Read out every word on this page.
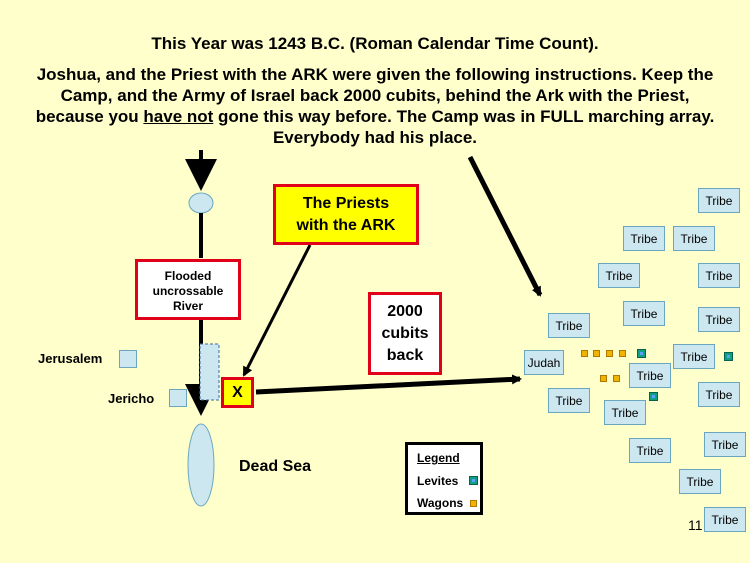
This Year was 1243 B.C. (Roman Calendar Time Count).
Joshua, and the Priest with the ARK were given the following instructions. Keep the Camp, and the Army of Israel back 2000 cubits, behind the Ark with the Priest, because you have not gone this way before. The Camp was in FULL marching array. Everybody had his place.
The Priests
with the ARK
Flooded
uncrossable
River	2000
cubits
back
X
Jerusalem
Jericho
Dead Sea
Tribe
Tribe	Tribe
Tribe	Tribe
Tribe	Tribe
Tribe
Tribe
Tribe
Tribe
Tribe
Tribe
Tribe
Tribe
Tribe
Tribe
Judah
Legend
Levites
Wagons
11
